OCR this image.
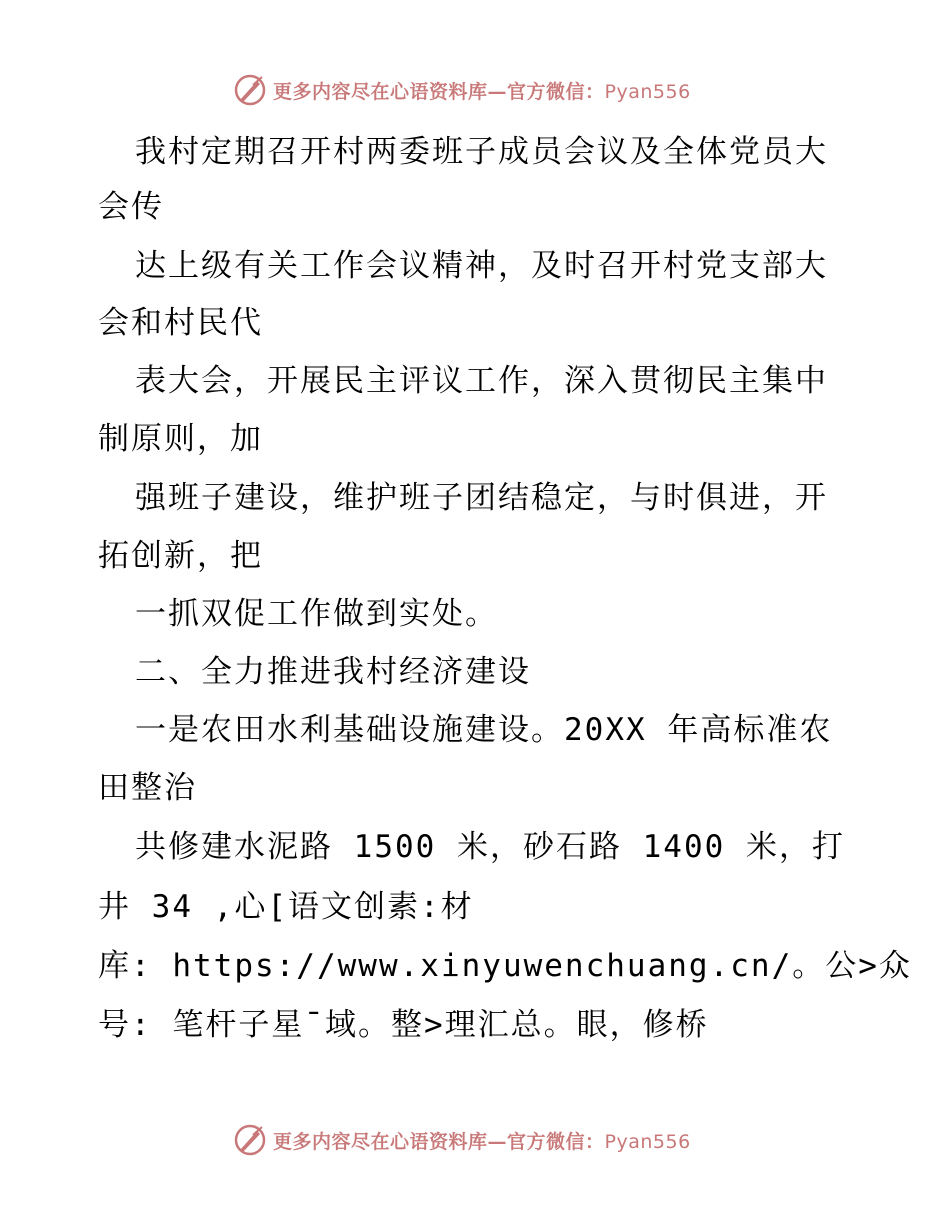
更多内容尽在心语资料库—官方微信：Pyan556
我村定期召开村两委班子成员会议及全体党员大
会传
达上级有关工作会议精神，及时召开村党支部大
会和村民代
表大会，开展民主评议工作，深入贯彻民主集中
制原则，加
强班子建设，维护班子团结稳定，与时俱进，开
拓创新，把
一抓双促工作做到实处。
二、全力推进我村经济建设
一是农田水利基础设施建设。20XX 年高标准农
田整治
共修建水泥路 1500 米，砂石路 1400 米，打
井 34 ,心[语文创素:材
库: https://www.xinyuwenchuang.cn/。公>众
号: 笔杆子星¯域。整>理汇总。眼，修桥
更多内容尽在心语资料库—官方微信：Pyan556
